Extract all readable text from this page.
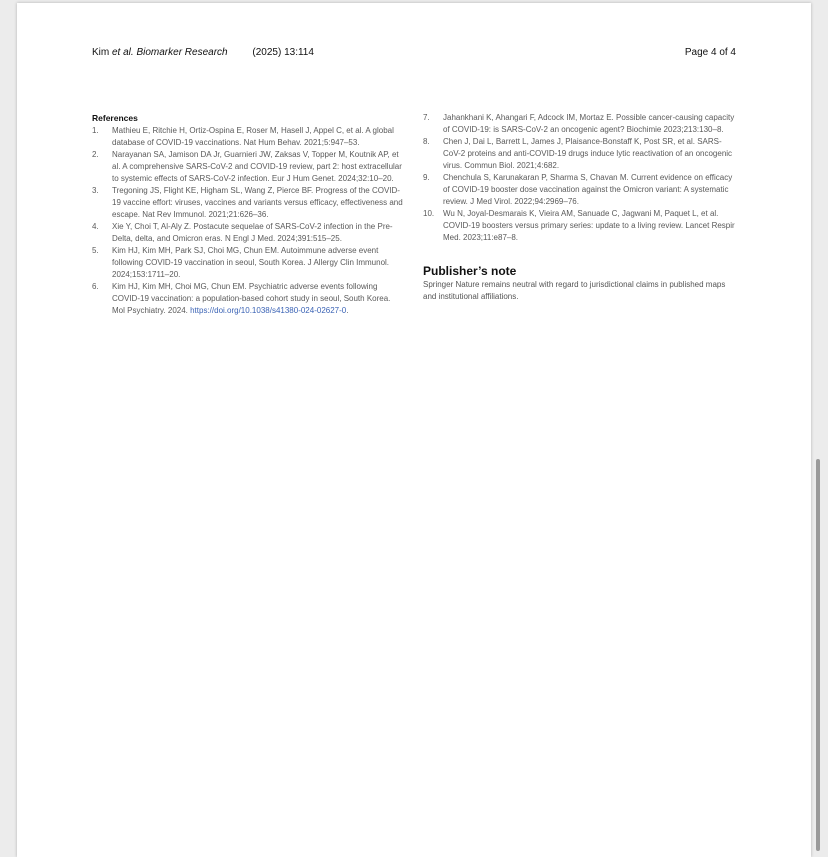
Kim et al. Biomarker Research (2025) 13:114	Page 4 of 4
References
1. Mathieu E, Ritchie H, Ortiz-Ospina E, Roser M, Hasell J, Appel C, et al. A global database of COVID-19 vaccinations. Nat Hum Behav. 2021;5:947–53.
2. Narayanan SA, Jamison DA Jr, Guarnieri JW, Zaksas V, Topper M, Koutnik AP, et al. A comprehensive SARS-CoV-2 and COVID-19 review, part 2: host extracellular to systemic effects of SARS-CoV-2 infection. Eur J Hum Genet. 2024;32:10–20.
3. Tregoning JS, Flight KE, Higham SL, Wang Z, Pierce BF. Progress of the COVID-19 vaccine effort: viruses, vaccines and variants versus efficacy, effectiveness and escape. Nat Rev Immunol. 2021;21:626–36.
4. Xie Y, Choi T, Al-Aly Z. Postacute sequelae of SARS-CoV-2 infection in the Pre-Delta, delta, and Omicron eras. N Engl J Med. 2024;391:515–25.
5. Kim HJ, Kim MH, Park SJ, Choi MG, Chun EM. Autoimmune adverse event following COVID-19 vaccination in seoul, South Korea. J Allergy Clin Immunol. 2024;153:1711–20.
6. Kim HJ, Kim MH, Choi MG, Chun EM. Psychiatric adverse events following COVID-19 vaccination: a population-based cohort study in seoul, South Korea. Mol Psychiatry. 2024. https://doi.org/10.1038/s41380-024-02627-0.
7. Jahankhani K, Ahangari F, Adcock IM, Mortaz E. Possible cancer-causing capacity of COVID-19: is SARS-CoV-2 an oncogenic agent? Biochimie 2023;213:130–8.
8. Chen J, Dai L, Barrett L, James J, Plaisance-Bonstaff K, Post SR, et al. SARS-CoV-2 proteins and anti-COVID-19 drugs induce lytic reactivation of an oncogenic virus. Commun Biol. 2021;4:682.
9. Chenchula S, Karunakaran P, Sharma S, Chavan M. Current evidence on efficacy of COVID-19 booster dose vaccination against the Omicron variant: A systematic review. J Med Virol. 2022;94:2969–76.
10. Wu N, Joyal-Desmarais K, Vieira AM, Sanuade C, Jagwani M, Paquet L, et al. COVID-19 boosters versus primary series: update to a living review. Lancet Respir Med. 2023;11:e87–8.
Publisher’s note
Springer Nature remains neutral with regard to jurisdictional claims in published maps and institutional affiliations.
